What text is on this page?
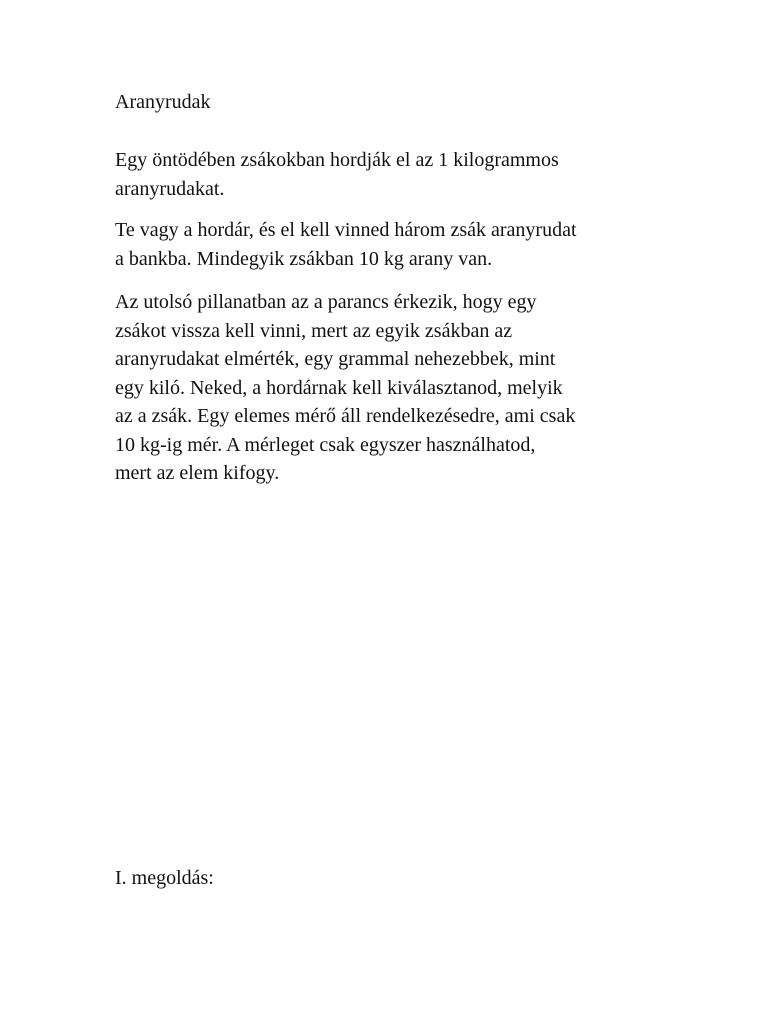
Aranyrudak

Egy öntödében zsákokban hordják el az 1 kilogrammos
aranyrudakat.

Te vagy a hordár, és el kell vinned három zsák aranyrudat
a bankba. Mindegyik zsákban 10 kg arany van.

Az utolsó pillanatban az a parancs érkezik, hogy egy
zsákot vissza kell vinni, mert az egyik zsákban az
aranyrudakat elmérték, egy grammal nehezebbek, mint
egy kiló. Neked, a hordárnak kell kiválasztanod, melyik
az a zsák. Egy elemes mérő áll rendelkezésedre, ami csak
10 kg-ig mér. A mérleget csak egyszer használhatod,
mert az elem kifogy.

I. megoldás:
